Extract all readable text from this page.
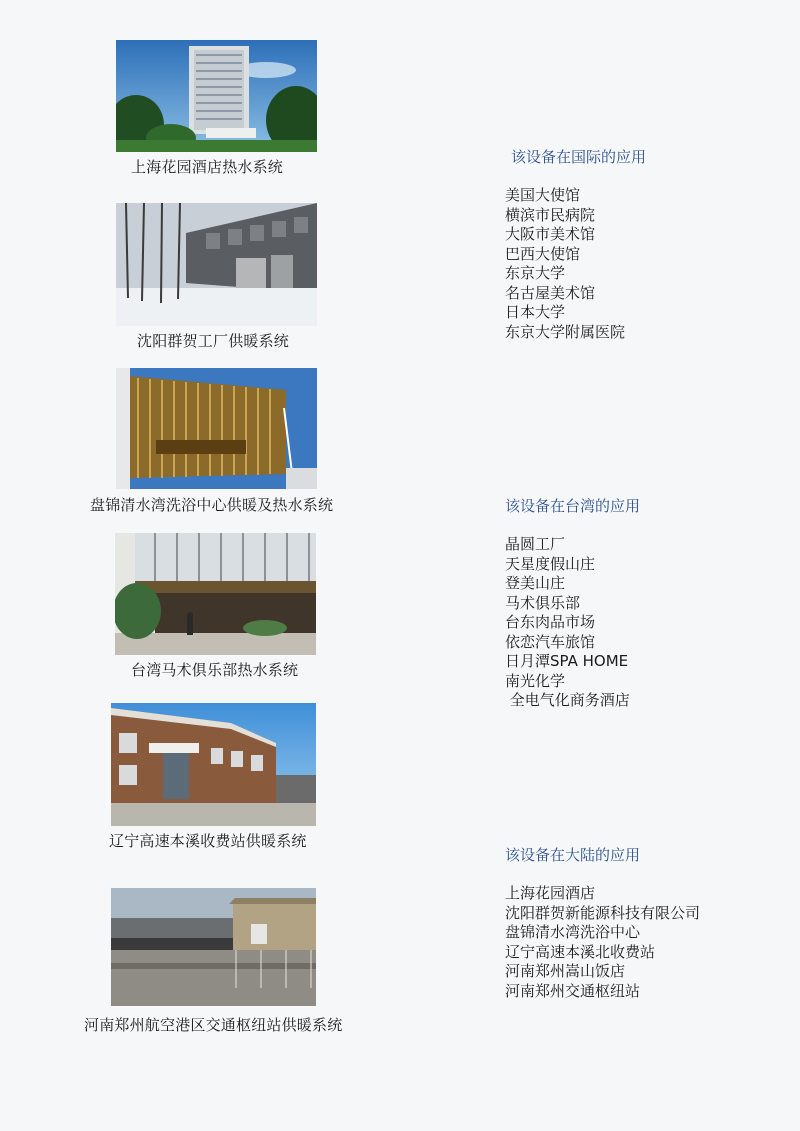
上海花园酒店热水系统
沈阳群贺工厂供暖系统
盘锦清水湾洗浴中心供暖及热水系统
台湾马术俱乐部热水系统
辽宁高速本溪收费站供暖系统
河南郑州航空港区交通枢纽站供暖系统
该设备在国际的应用
美国大使馆
横滨市民病院
大阪市美术馆
巴西大使馆
东京大学
名古屋美术馆
日本大学
东京大学附属医院
该设备在台湾的应用
晶圆工厂
天星度假山庄
登美山庄
马术俱乐部
台东肉品市场
依恋汽车旅馆
日月潭SPA HOME
南光化学
全电气化商务酒店
该设备在大陆的应用
上海花园酒店
沈阳群贺新能源科技有限公司
盘锦清水湾洗浴中心
辽宁高速本溪北收费站
河南郑州嵩山饭店
河南郑州交通枢纽站
